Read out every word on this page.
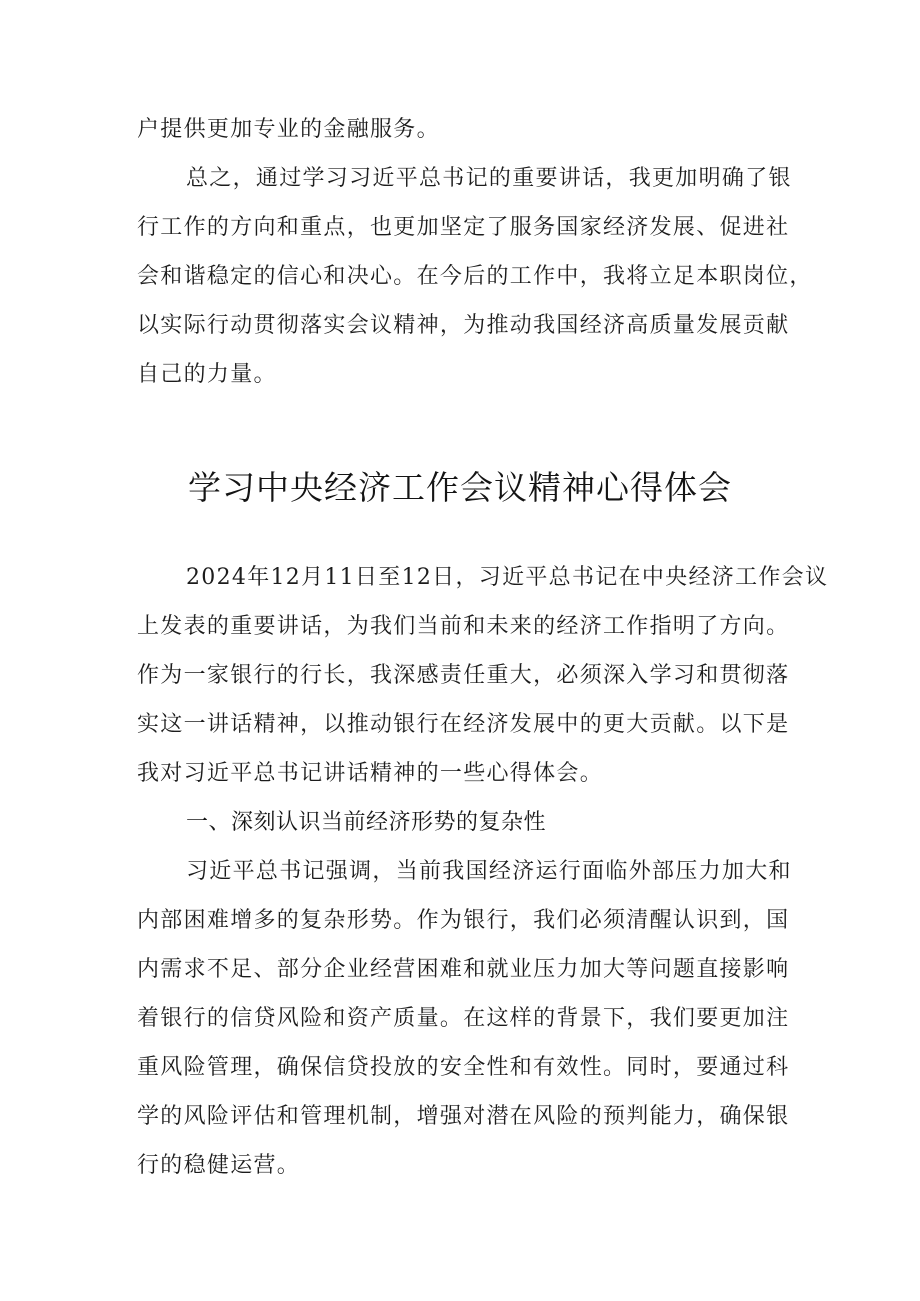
户提供更加专业的金融服务。
总之，通过学习习近平总书记的重要讲话，我更加明确了银
行工作的方向和重点，也更加坚定了服务国家经济发展、促进社
会和谐稳定的信心和决心。在今后的工作中，我将立足本职岗位，
以实际行动贯彻落实会议精神，为推动我国经济高质量发展贡献
自己的力量。
学习中央经济工作会议精神心得体会
2024年12月11日至12日，习近平总书记在中央经济工作会议
上发表的重要讲话，为我们当前和未来的经济工作指明了方向。
作为一家银行的行长，我深感责任重大，必须深入学习和贯彻落
实这一讲话精神，以推动银行在经济发展中的更大贡献。以下是
我对习近平总书记讲话精神的一些心得体会。
一、深刻认识当前经济形势的复杂性
习近平总书记强调，当前我国经济运行面临外部压力加大和
内部困难增多的复杂形势。作为银行，我们必须清醒认识到，国
内需求不足、部分企业经营困难和就业压力加大等问题直接影响
着银行的信贷风险和资产质量。在这样的背景下，我们要更加注
重风险管理，确保信贷投放的安全性和有效性。同时，要通过科
学的风险评估和管理机制，增强对潜在风险的预判能力，确保银
行的稳健运营。
